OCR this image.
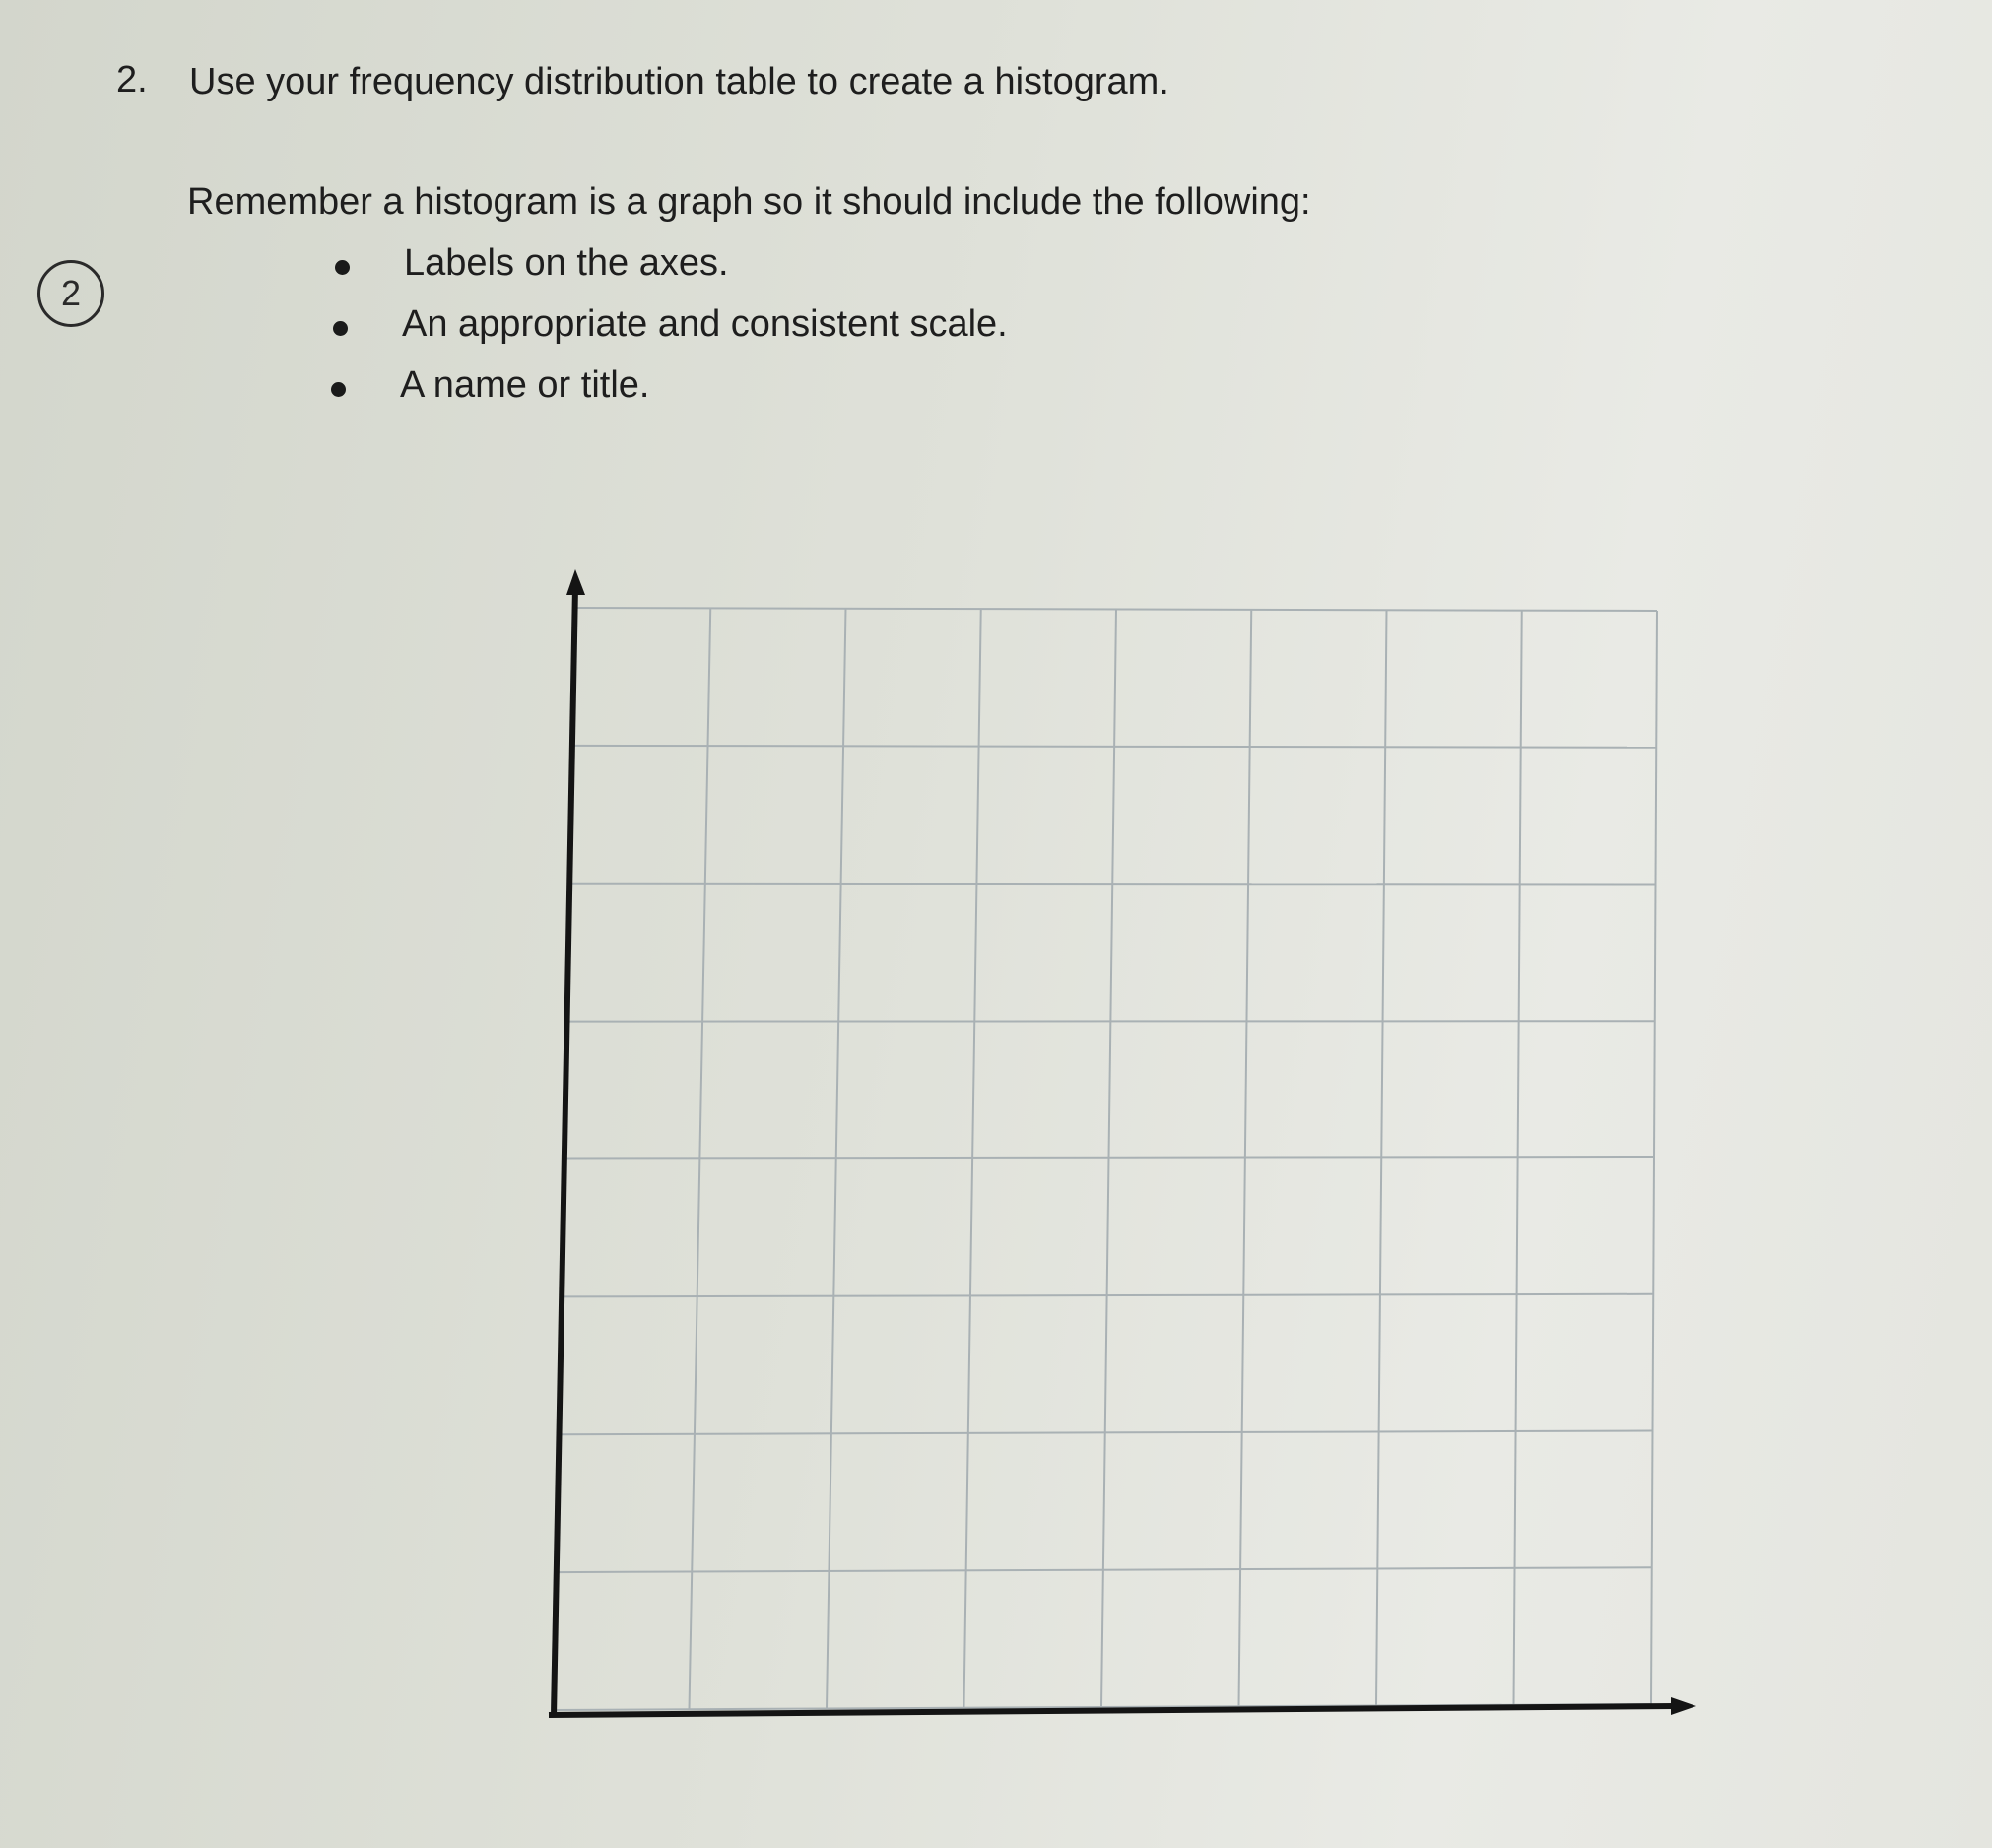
2. Use your frequency distribution table to create a histogram.
2
Remember a histogram is a graph so it should include the following:
Labels on the axes.
An appropriate and consistent scale.
A name or title.
